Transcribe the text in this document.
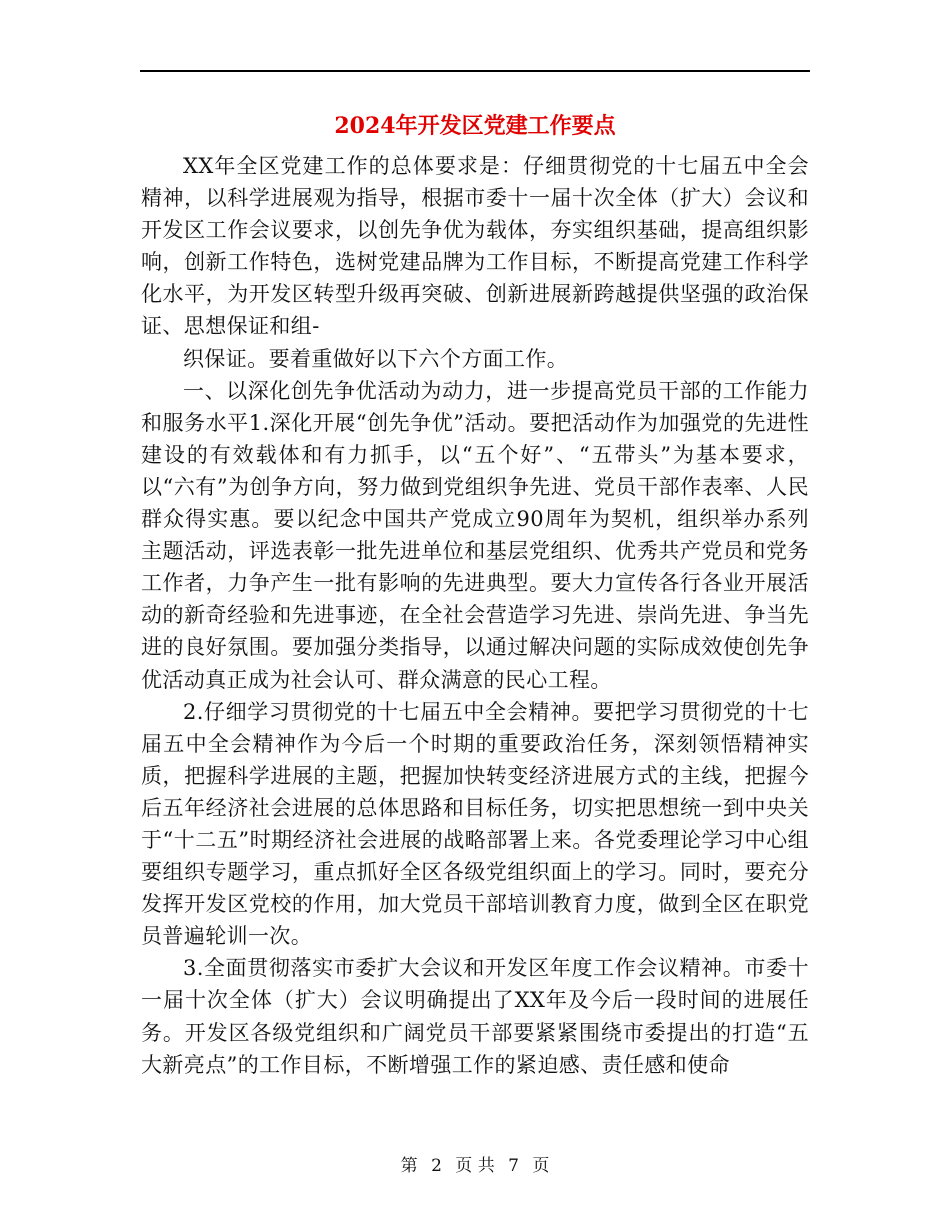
2024年开发区党建工作要点

XX年全区党建工作的总体要求是：仔细贯彻党的十七届五中全会精神，以科学进展观为指导，根据市委十一届十次全体（扩大）会议和开发区工作会议要求，以创先争优为载体，夯实组织基础，提高组织影响，创新工作特色，选树党建品牌为工作目标，不断提高党建工作科学化水平，为开发区转型升级再突破、创新进展新跨越提供坚强的政治保证、思想保证和组-

织保证。要着重做好以下六个方面工作。

一、以深化创先争优活动为动力，进一步提高党员干部的工作能力和服务水平1.深化开展“创先争优”活动。要把活动作为加强党的先进性建设的有效载体和有力抓手，以“五个好”、“五带头”为基本要求，以“六有”为创争方向，努力做到党组织争先进、党员干部作表率、人民群众得实惠。要以纪念中国共产党成立90周年为契机，组织举办系列主题活动，评选表彰一批先进单位和基层党组织、优秀共产党员和党务工作者，力争产生一批有影响的先进典型。要大力宣传各行各业开展活动的新奇经验和先进事迹，在全社会营造学习先进、崇尚先进、争当先进的良好氛围。要加强分类指导，以通过解决问题的实际成效使创先争优活动真正成为社会认可、群众满意的民心工程。

2.仔细学习贯彻党的十七届五中全会精神。要把学习贯彻党的十七届五中全会精神作为今后一个时期的重要政治任务，深刻领悟精神实质，把握科学进展的主题，把握加快转变经济进展方式的主线，把握今后五年经济社会进展的总体思路和目标任务，切实把思想统一到中央关于“十二五”时期经济社会进展的战略部署上来。各党委理论学习中心组要组织专题学习，重点抓好全区各级党组织面上的学习。同时，要充分发挥开发区党校的作用，加大党员干部培训教育力度，做到全区在职党员普遍轮训一次。

3.全面贯彻落实市委扩大会议和开发区年度工作会议精神。市委十一届十次全体（扩大）会议明确提出了XX年及今后一段时间的进展任务。开发区各级党组织和广阔党员干部要紧紧围绕市委提出的打造“五大新亮点”的工作目标，不断增强工作的紧迫感、责任感和使命

第 2 页 共 7 页
